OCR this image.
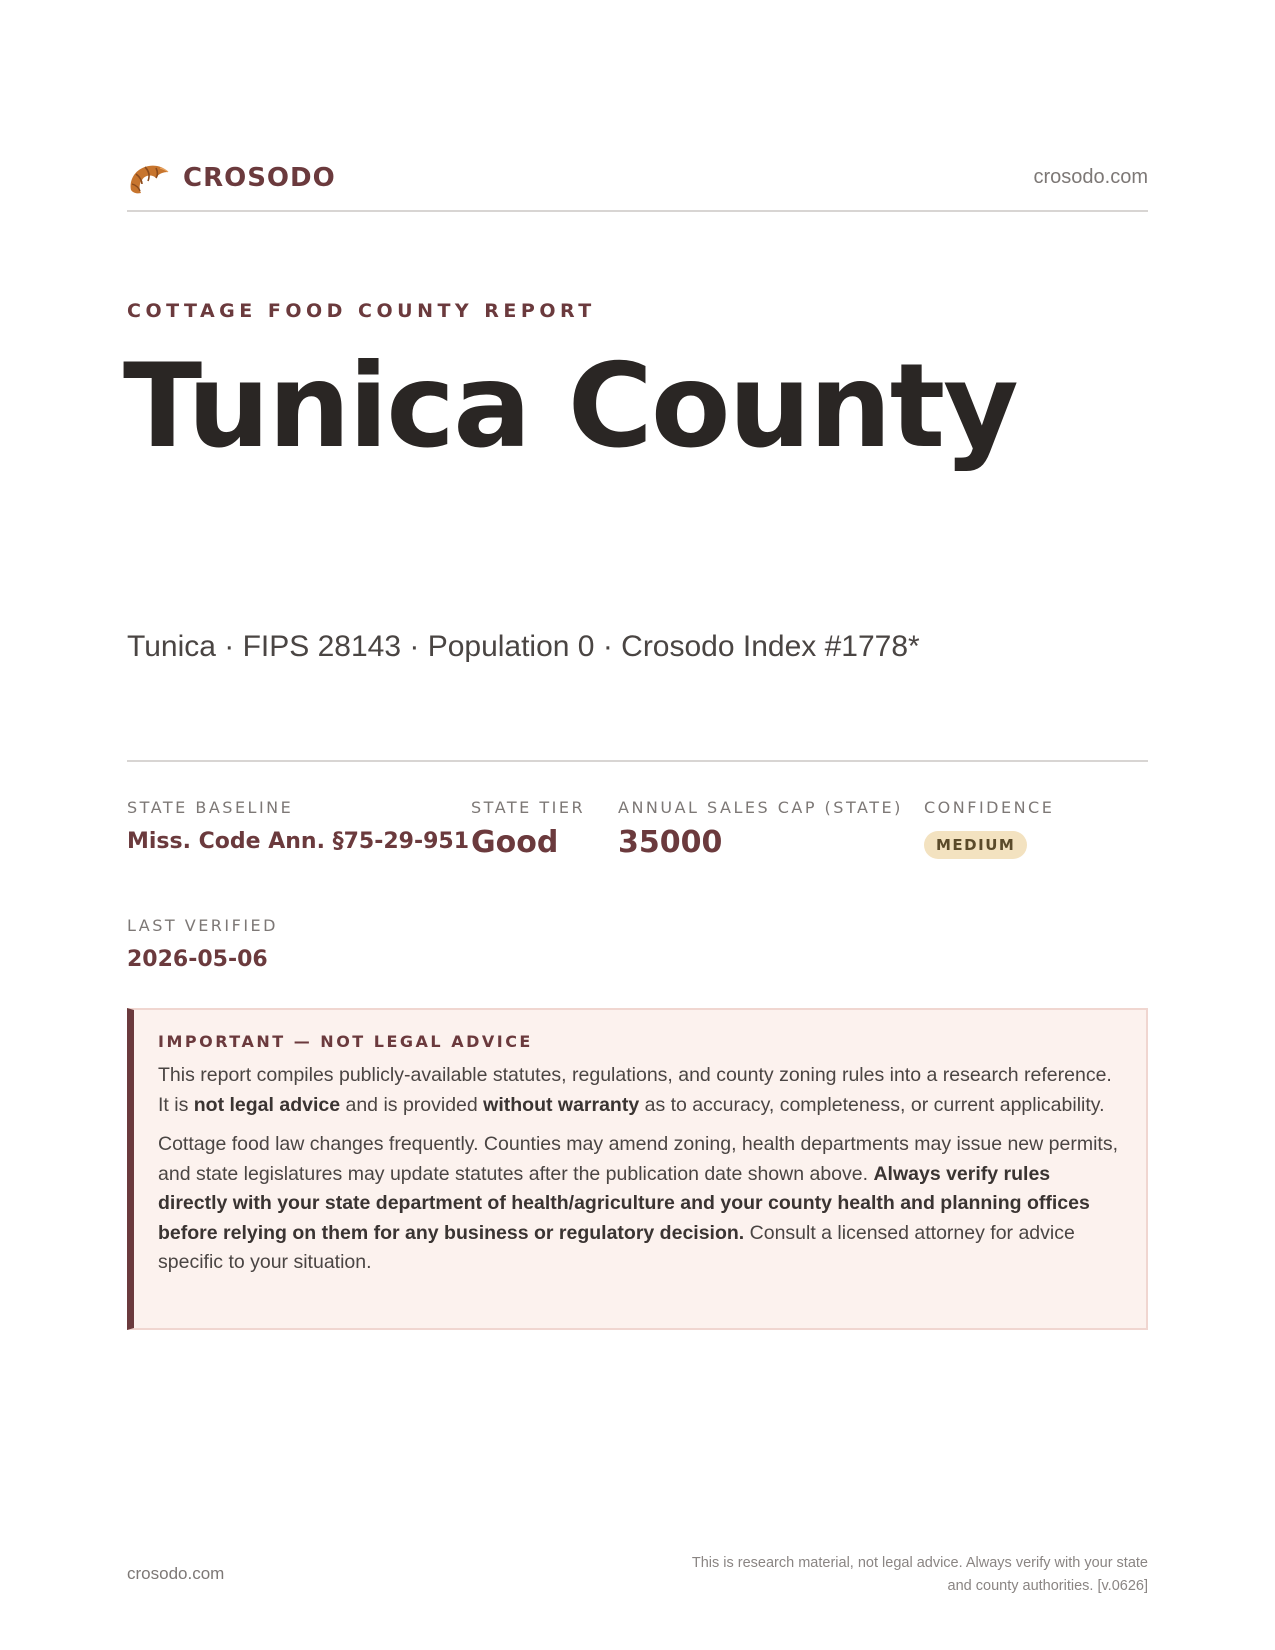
CROSODO	crosodo.com
COTTAGE FOOD COUNTY REPORT
Tunica County
Tunica · FIPS 28143 · Population 0 · Crosodo Index #1778*
STATE BASELINE
Miss. Code Ann. §75-29-951
STATE TIER
Good
ANNUAL SALES CAP (STATE)
35000
CONFIDENCE
MEDIUM
LAST VERIFIED
2026-05-06
IMPORTANT — NOT LEGAL ADVICE

This report compiles publicly-available statutes, regulations, and county zoning rules into a research reference. It is not legal advice and is provided without warranty as to accuracy, completeness, or current applicability.

Cottage food law changes frequently. Counties may amend zoning, health departments may issue new permits, and state legislatures may update statutes after the publication date shown above. Always verify rules directly with your state department of health/agriculture and your county health and planning offices before relying on them for any business or regulatory decision. Consult a licensed attorney for advice specific to your situation.

crosodo.com
This is research material, not legal advice. Always verify with your state
and county authorities. [v.0626]
